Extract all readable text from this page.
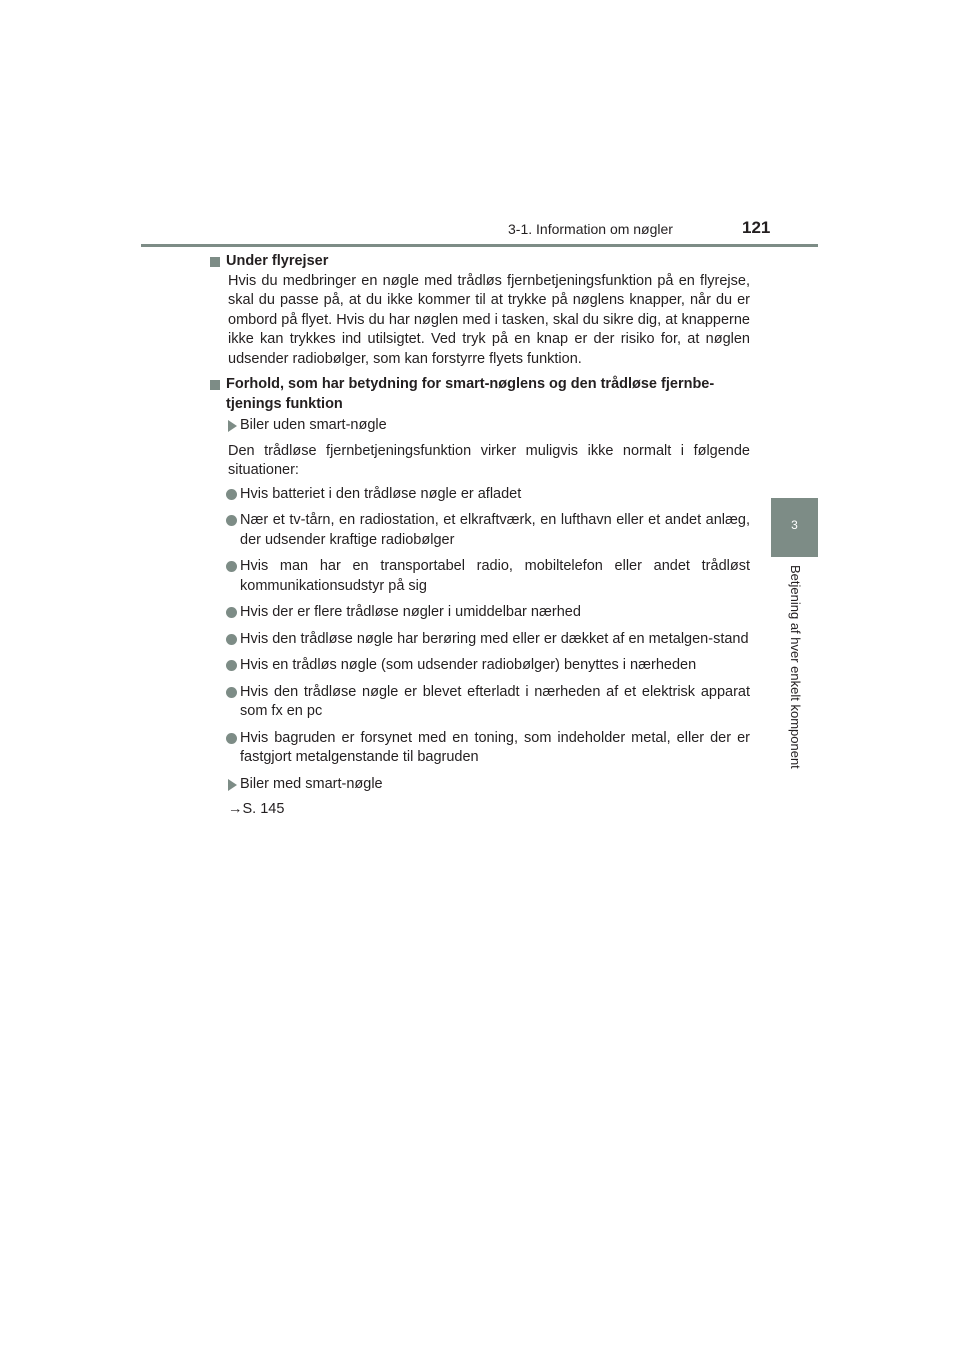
3-1. Information om nøgler	121
3
Betjening af hver enkelt komponent

Under flyrejser

Hvis du medbringer en nøgle med trådløs fjernbetjeningsfunktion på en flyrejse, skal du passe på, at du ikke kommer til at trykke på nøglens knapper, når du er ombord på flyet. Hvis du har nøglen med i tasken, skal du sikre dig, at knapperne ikke kan trykkes ind utilsigtet. Ved tryk på en knap er der risiko for, at nøglen udsender radiobølger, som kan forstyrre flyets funktion.

Forhold, som har betydning for smart-nøglens og den trådløse fjernbe-tjenings funktion

Biler uden smart-nøgle

Den trådløse fjernbetjeningsfunktion virker muligvis ikke normalt i følgende situationer:

Hvis batteriet i den trådløse nøgle er afladet
Nær et tv-tårn, en radiostation, et elkraftværk, en lufthavn eller et andet anlæg, der udsender kraftige radiobølger
Hvis man har en transportabel radio, mobiltelefon eller andet trådløst kommunikationsudstyr på sig
Hvis der er flere trådløse nøgler i umiddelbar nærhed
Hvis den trådløse nøgle har berøring med eller er dækket af en metalgen-stand
Hvis en trådløs nøgle (som udsender radiobølger) benyttes i nærheden
Hvis den trådløse nøgle er blevet efterladt i nærheden af et elektrisk apparat som fx en pc
Hvis bagruden er forsynet med en toning, som indeholder metal, eller der er fastgjort metalgenstande til bagruden
Biler med smart-nøgle
→S. 145
